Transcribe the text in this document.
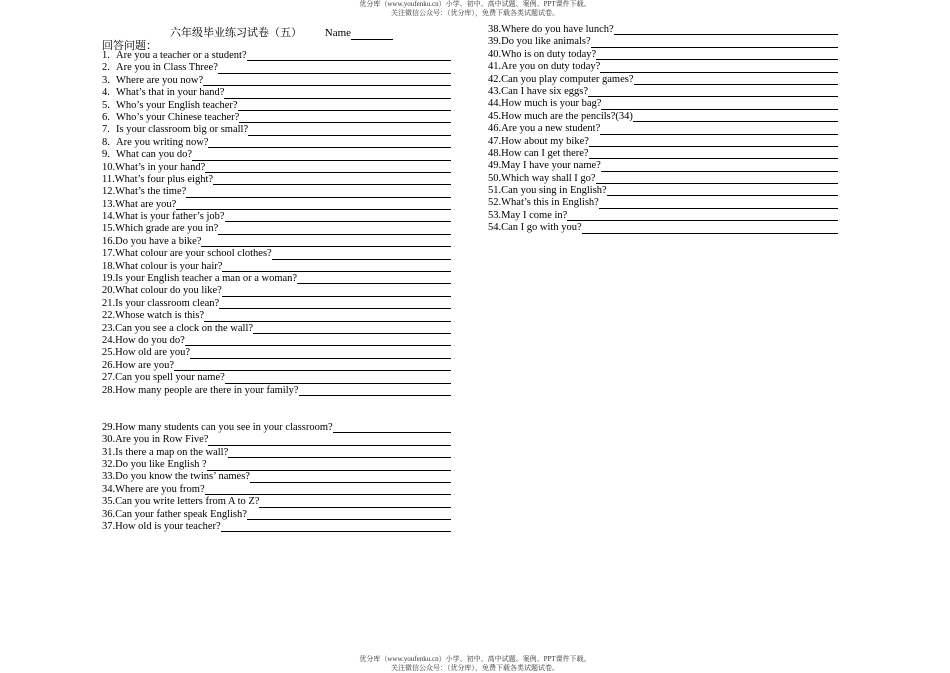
优分库（www.youfenku.cn）小学、初中、高中试题、案例、PPT课件下载。
关注微信公众号：（优分库），免费下载各类试题试卷。
六年级毕业练习试卷（五） Name
回答问题：
1. Are you a teacher or a student?
2. Are you in Class Three?
3. Where are you now?
4. What’s that in your hand?
5. Who’s your English teacher?
6. Who’s your Chinese teacher?
7. Is your classroom big or small?
8. Are you writing now?
9. What can you do?
10. What’s in your hand?
11. What’s four plus eight?
12. What’s the time?
13. What are you?
14. What is your father’s job?
15. Which grade are you in?
16. Do you have a bike?
17. What colour are your school clothes?
18. What colour is your hair?
19. Is your English teacher a man or a woman?
20. What colour do you like?
21. Is your classroom clean?
22. Whose watch is this?
23. Can you see a clock on the wall?
24. How do you do?
25. How old are you?
26. How are you?
27. Can you spell your name?
28. How many people are there in your family?
29. How many students can you see in your classroom?
30. Are you in Row Five?
31. Is there a map on the wall?
32. Do you like English ?
33. Do you know the twins’ names?
34. Where are you from?
35. Can you write letters from A to Z?
36. Can your father speak English?
37. How old is your teacher?
38. Where do you have lunch?
39. Do you like animals?
40. Who is on duty today?
41. Are you on duty today?
42. Can you play computer games?
43. Can I have six eggs?
44. How much is your bag?
45. How much are the pencils?(34)
46. Are you a new student?
47. How about my bike?
48. How can I get there?
49. May I have your name?
50. Which way shall I go?
51. Can you sing in English?
52. What’s this in English?
53. May I come in?
54. Can I go with you?
优分库（www.youfenku.cn）小学、初中、高中试题、案例、PPT课件下载。
关注微信公众号：（优分库），免费下载各类试题试卷。
